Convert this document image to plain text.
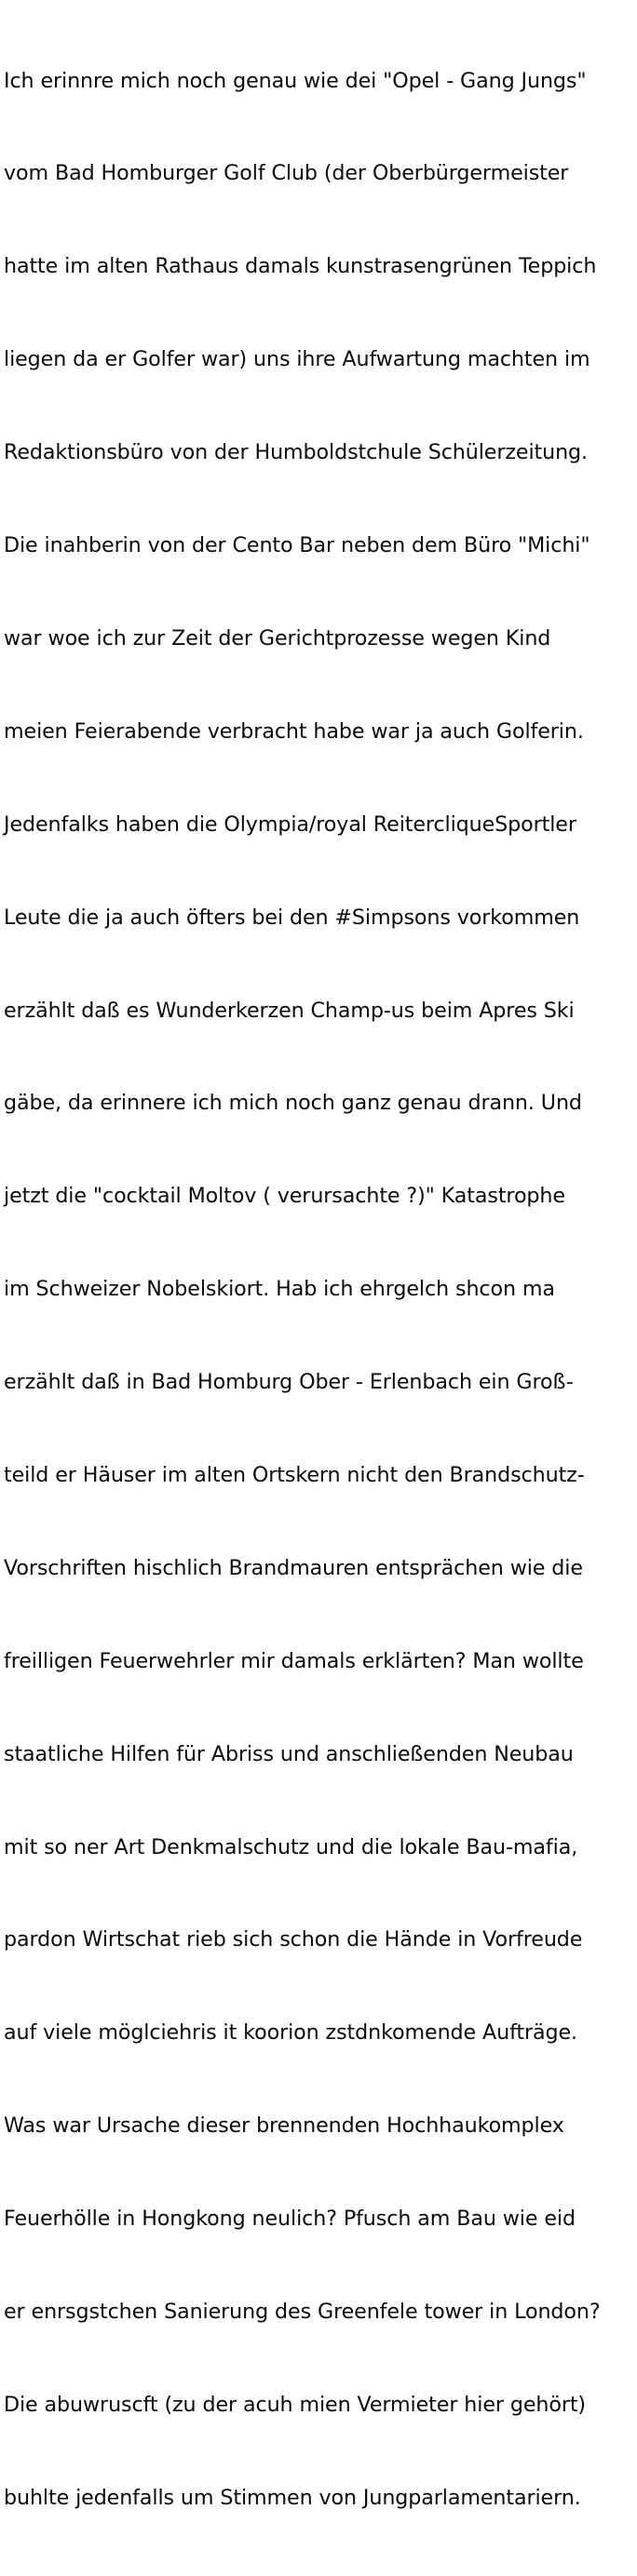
Ich erinnre mich noch genau wie dei "Opel - Gang Jungs"

vom Bad Homburger Golf Club (der Oberbürgermeister

hatte im alten Rathaus damals kunstrasengrünen Teppich

liegen da er Golfer war) uns ihre Aufwartung machten im

Redaktionsbüro von der Humboldstchule Schülerzeitung.

Die inahberin von der Cento Bar neben dem Büro "Michi"

war woe ich zur Zeit der Gerichtprozesse wegen Kind

meien Feierabende verbracht habe war ja auch Golferin.

Jedenfalks haben die Olympia/royal ReitercliqueSportler

Leute die ja auch öfters bei den #Simpsons vorkommen

erzählt daß es Wunderkerzen Champ-us beim Apres Ski

gäbe, da erinnere ich mich noch ganz genau drann. Und

jetzt die "cocktail Moltov ( verursachte ?)" Katastrophe

im Schweizer Nobelskiort. Hab ich ehrgelch shcon ma

erzählt daß in Bad Homburg Ober - Erlenbach ein Groß-

teild er Häuser im alten Ortskern nicht den Brandschutz-

Vorschriften hischlich Brandmauren entsprächen wie die

freilligen Feuerwehrler mir damals erklärten? Man wollte

staatliche Hilfen für Abriss und anschließenden Neubau

mit so ner Art Denkmalschutz und die lokale Bau-mafia,

pardon Wirtschat rieb sich schon die Hände in Vorfreude

auf viele möglciehris it koorion zstdnkomende Aufträge.

Was war Ursache dieser brennenden Hochhaukomplex

Feuerhölle in Hongkong neulich? Pfusch am Bau wie eid

er enrsgstchen Sanierung des Greenfele tower in London?

Die abuwruscft (zu der acuh mien Vermieter hier gehört)

buhlte jedenfalls um Stimmen von Jungparlamentariern.
